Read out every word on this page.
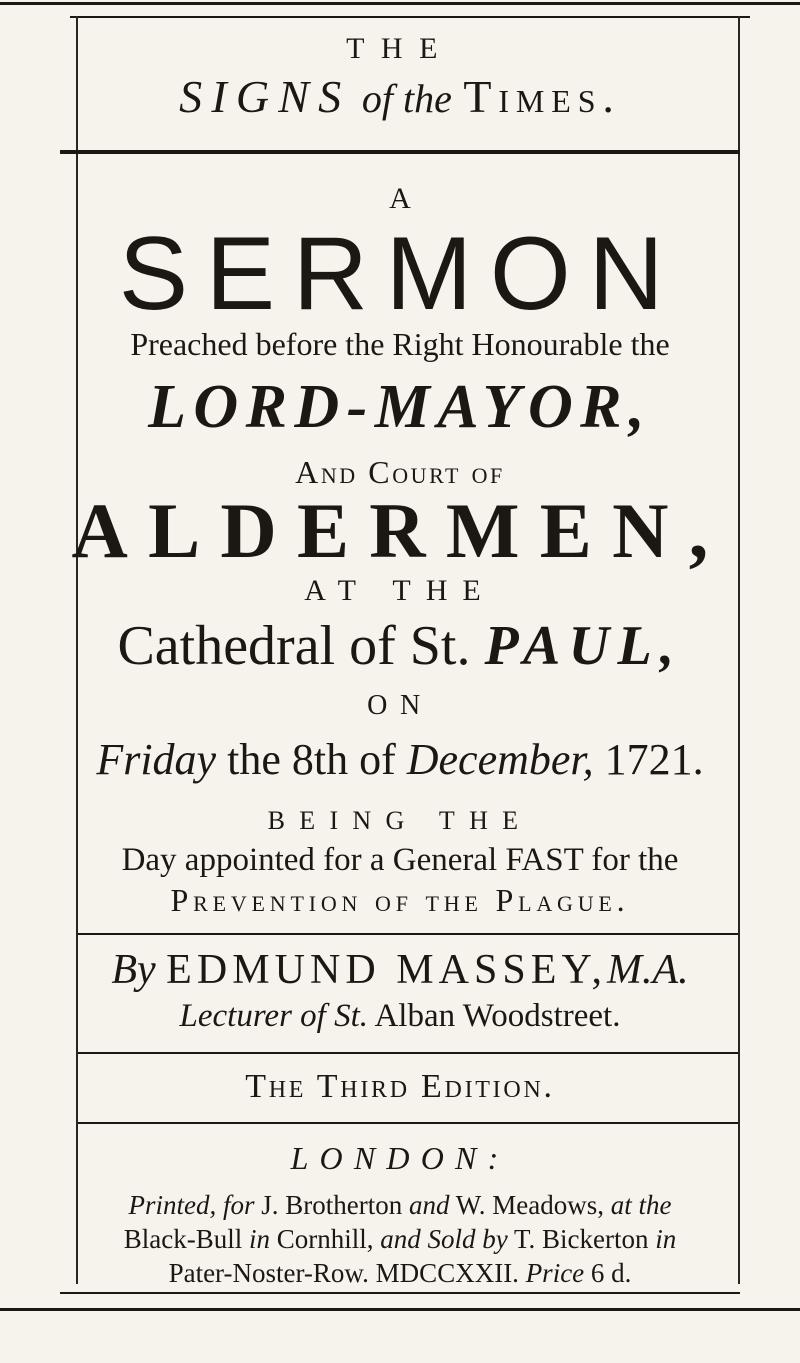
THE
SIGNS of the Times.
A
SERMON
Preached before the Right Honourable the
LORD-MAYOR,
And Court of
ALDERMEN,
AT THE
Cathedral of St. PAUL,
ON
Friday the 8th of December, 1721.
BEING THE
Day appointed for a General FAST for the
Prevention of the Plague.
By EDMUND MASSEY,M.A.
Lecturer of St. Alban Woodstreet.
The Third Edition.
LONDON:
Printed, for J. Brotherton and W. Meadows, at the
Black-Bull in Cornhill, and Sold by T. Bickerton in
Pater-Noster-Row. MDCCXXII. Price 6 d.
